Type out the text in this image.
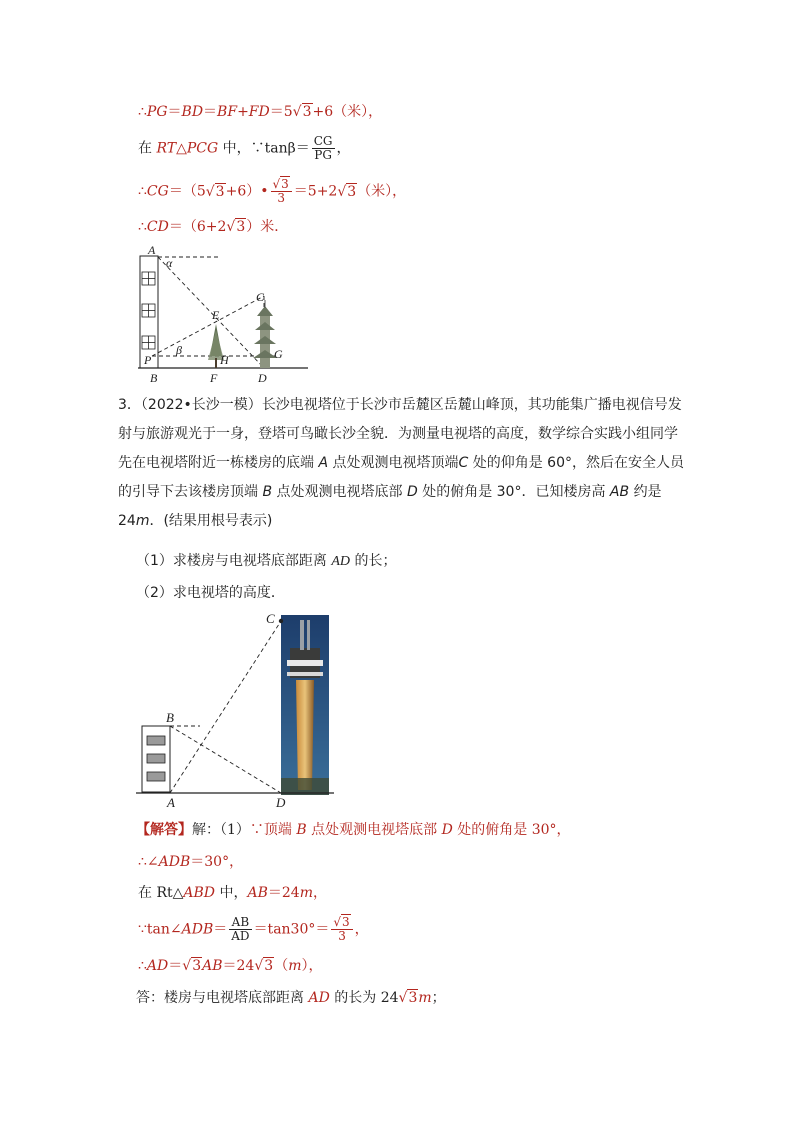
∴PG＝BD＝BF+FD＝5√3+6（米），
在 RT△PCG 中，∵tanβ＝ $\frac{CG}{PG}$ ，
∴CG＝（5√3+6）• $\frac{√3}{3} =5+2√3$（米），
∴CD＝（6+2√3）米．
A
α
C
E
β
P	H	G
B	F	D
3．（2022•长沙一模）长沙电视塔位于长沙市岳麓区岳麓山峰顶，其功能集广播电视信号发射与旅游观光于一身，登塔可鸟瞰长沙全貌．为测量电视塔的高度，数学综合实践小组同学先在电视塔附近一栋楼房的底端 A 点处观测电视塔顶端C 处的仰角是 60°，然后在安全人员的引导下去该楼房顶端 B 点处观测电视塔底部 D 处的俯角是 30°．已知楼房高 AB 约是 24m．(结果用根号表示)
（1）求楼房与电视塔底部距离 AD 的长；
（2）求电视塔的高度．
C
B
A	D
【解答】解：（1）∵顶端 B 点处观测电视塔底部 D 处的俯角是 30°，
∴∠ADB＝30°，
在 Rt△ABD 中，AB＝24m，
∵tan∠ADB＝ $\frac{AB}{AD} =\tan 30^\circ= \frac{√3}{3}$ ，
∴AD＝√3AB＝24√3（m），
答：楼房与电视塔底部距离 AD 的长为 24√3m；
